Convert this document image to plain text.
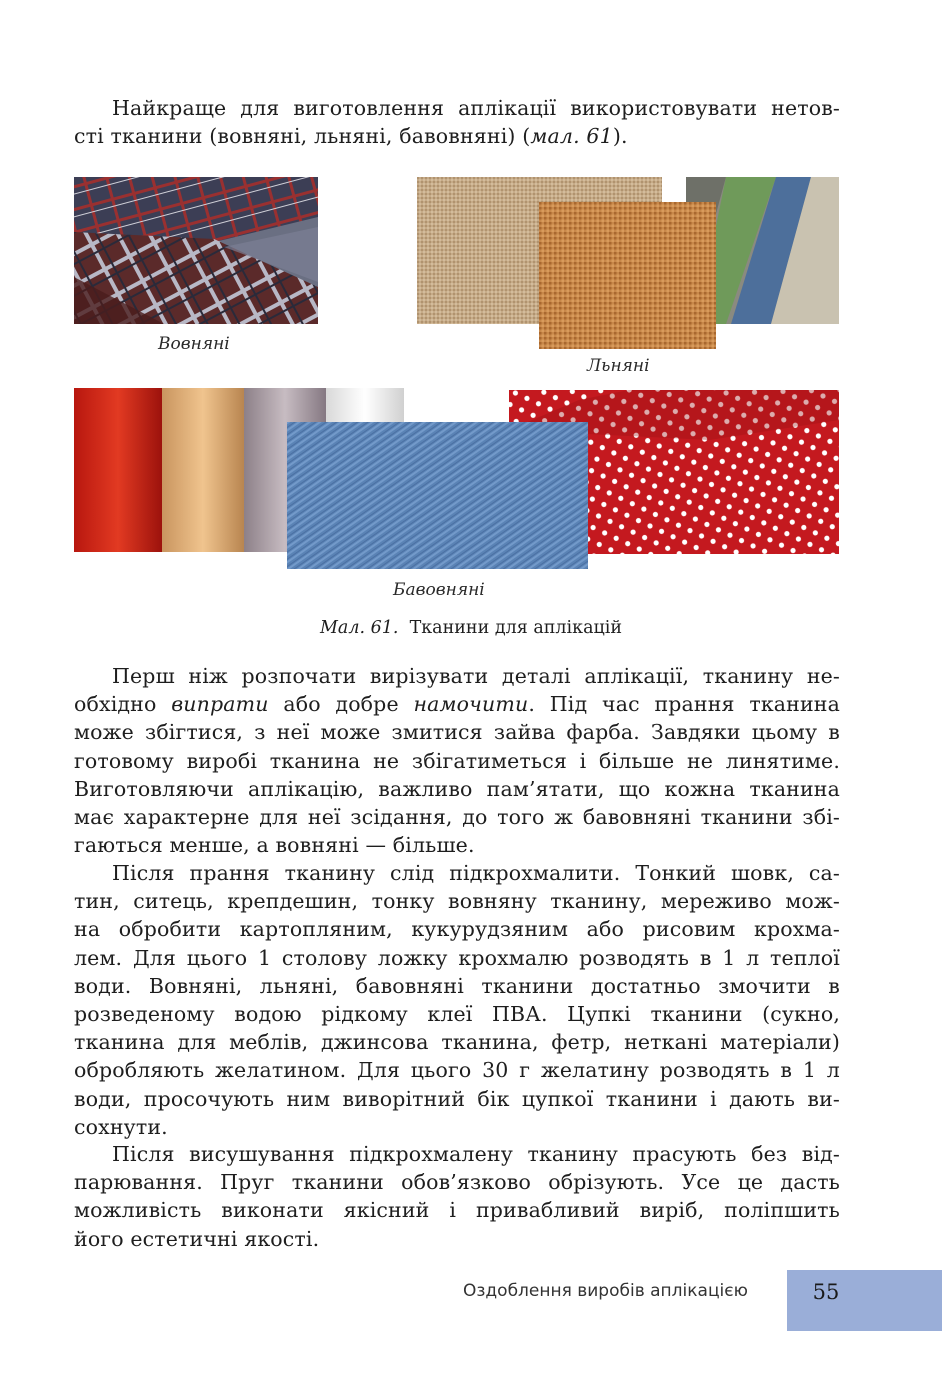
Найкраще для виготовлення аплікації використовувати нетов-
сті тканини (вовняні, льняні, бавовняні) (мал. 61).
Вовняні
Льняні
Бавовняні
Мал. 61. Тканини для аплікацій
Перш ніж розпочати вирізувати деталі аплікації, тканину не-
обхідно випрати або добре намочити. Під час прання тканина
може збігтися, з неї може змитися зайва фарба. Завдяки цьому в
готовому виробі тканина не збігатиметься і більше не линятиме.
Виготовляючи аплікацію, важливо пам’ятати, що кожна тканина
має характерне для неї зсідання, до того ж бавовняні тканини збі-
гаються менше, а вовняні — більше.
Після прання тканину слід підкрохмалити. Тонкий шовк, са-
тин, ситець, крепдешин, тонку вовняну тканину, мереживо мож-
на обробити картопляним, кукурудзяним або рисовим крохма-
лем. Для цього 1 столову ложку крохмалю розводять в 1 л теплої
води. Вовняні, льняні, бавовняні тканини достатньо змочити в
розведеному водою рідкому клеї ПВА. Цупкі тканини (сукно,
тканина для меблів, джинсова тканина, фетр, неткані матеріали)
обробляють желатином. Для цього 30 г желатину розводять в 1 л
води, просочують ним виворітний бік цупкої тканини і дають ви-
сохнути.
Після висушування підкрохмалену тканину прасують без від-
парювання. Пруг тканини обов’язково обрізують. Усе це дасть
можливість виконати якісний і привабливий виріб, поліпшить
його естетичні якості.
Оздоблення виробів аплікацією	55
